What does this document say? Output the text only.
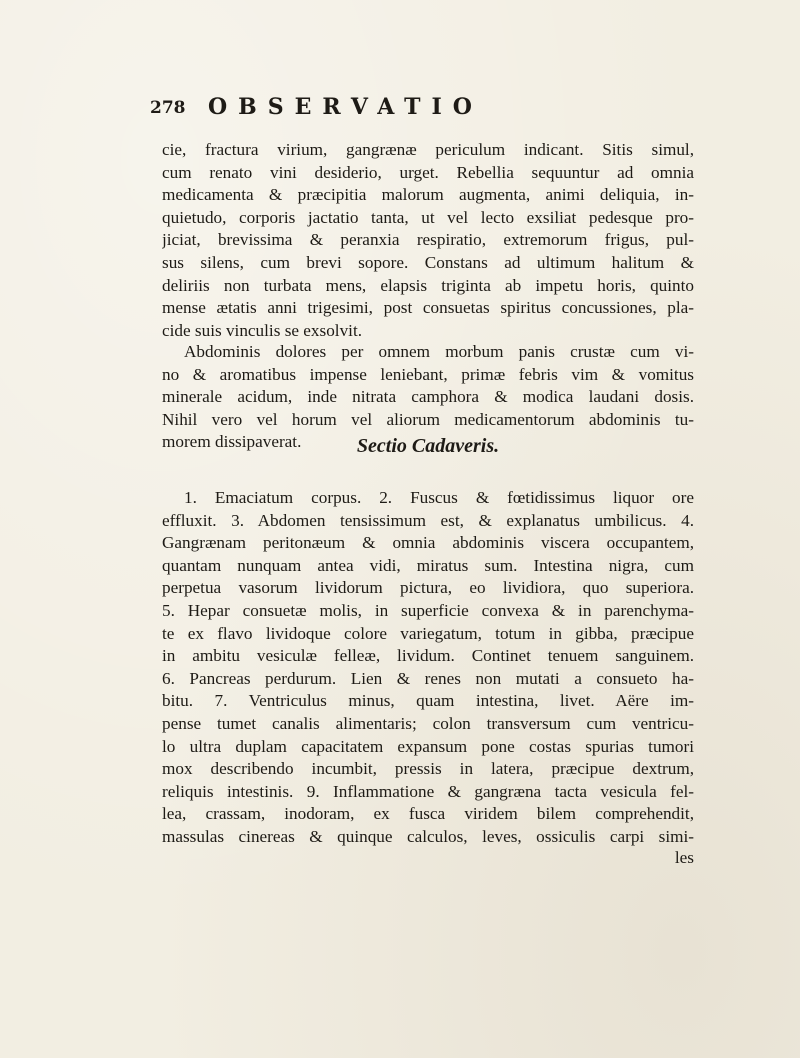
278 OBSERVATIO
cie, fractura virium, gangrænæ periculum indicant. Sitis simul,
cum renato vini desiderio, urget. Rebellia sequuntur ad omnia
medicamenta & præcipitia malorum augmenta, animi deliquia, in-
quietudo, corporis jactatio tanta, ut vel lecto exsiliat pedesque pro-
jiciat, brevissima & peranxia respiratio, extremorum frigus, pul-
sus silens, cum brevi sopore. Constans ad ultimum halitum &
deliriis non turbata mens, elapsis triginta ab impetu horis, quinto
mense ætatis anni trigesimi, post consuetas spiritus concussiones, pla-
cide suis vinculis se exsolvit.
Abdominis dolores per omnem morbum panis crustæ cum vi-
no & aromatibus impense leniebant, primæ febris vim & vomitus
minerale acidum, inde nitrata camphora & modica laudani dosis.
Nihil vero vel horum vel aliorum medicamentorum abdominis tu-
morem dissipaverat.	Sectio Cadaveris.
1. Emaciatum corpus. 2. Fuscus & fœtidissimus liquor ore
effluxit. 3. Abdomen tensissimum est, & explanatus umbilicus. 4.
Gangrænam peritonæum & omnia abdominis viscera occupantem,
quantam nunquam antea vidi, miratus sum. Intestina nigra, cum
perpetua vasorum lividorum pictura, eo lividiora, quo superiora.
5. Hepar consuetæ molis, in superficie convexa & in parenchyma-
te ex flavo lividoque colore variegatum, totum in gibba, præcipue
in ambitu vesiculæ felleæ, lividum. Continet tenuem sanguinem.
6. Pancreas perdurum. Lien & renes non mutati a consueto ha-
bitu. 7. Ventriculus minus, quam intestina, livet. Aëre im-
pense tumet canalis alimentaris; colon transversum cum ventricu-
lo ultra duplam capacitatem expansum pone costas spurias tumori
mox describendo incumbit, pressis in latera, præcipue dextrum,
reliquis intestinis. 9. Inflammatione & gangræna tacta vesicula fel-
lea, crassam, inodoram, ex fusca viridem bilem comprehendit,
massulas cinereas & quinque calculos, leves, ossiculis carpi simi-
les
